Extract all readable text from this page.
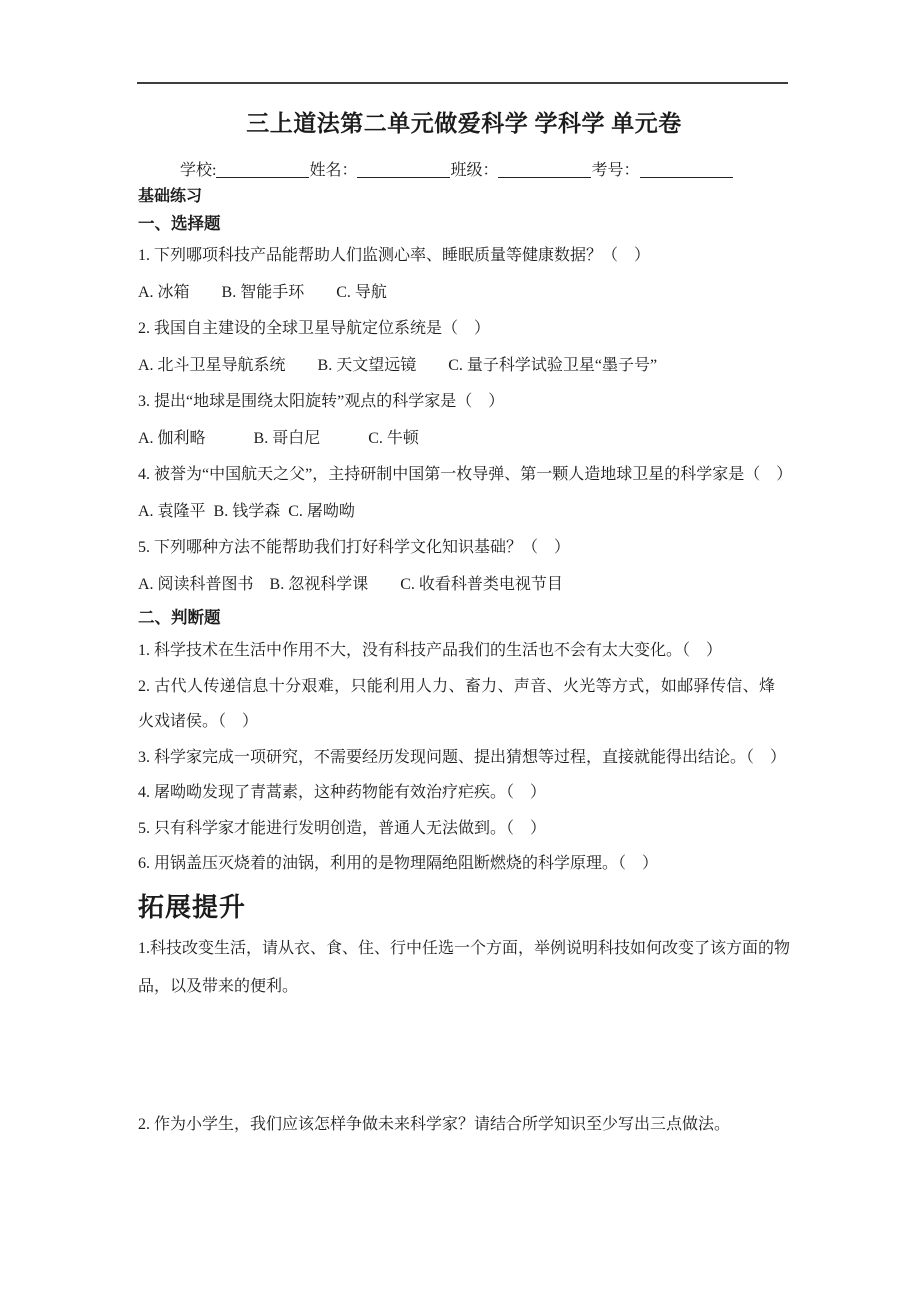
三上道法第二单元做爱科学 学科学 单元卷
学校:	姓名：	班级：	考号：
基础练习
一、选择题

1. 下列哪项科技产品能帮助人们监测心率、睡眠质量等健康数据？（　）

A. 冰箱　　B. 智能手环　　C. 导航

2. 我国自主建设的全球卫星导航定位系统是（　）

A. 北斗卫星导航系统　　B. 天文望远镜　　C. 量子科学试验卫星“墨子号”

3. 提出“地球是围绕太阳旋转”观点的科学家是（　）

A. 伽利略　　　B. 哥白尼　　　C. 牛顿

4. 被誉为“中国航天之父”，主持研制中国第一枚导弹、第一颗人造地球卫星的科学家是（　）

A. 袁隆平  B. 钱学森  C. 屠呦呦

5. 下列哪种方法不能帮助我们打好科学文化知识基础？（　）

A. 阅读科普图书　B. 忽视科学课　　C. 收看科普类电视节目

二、判断题

1. 科学技术在生活中作用不大，没有科技产品我们的生活也不会有太大变化。（　）

2. 古代人传递信息十分艰难，只能利用人力、畜力、声音、火光等方式，如邮驿传信、烽火戏诸侯。（　）

3. 科学家完成一项研究，不需要经历发现问题、提出猜想等过程，直接就能得出结论。（　）

4. 屠呦呦发现了青蒿素，这种药物能有效治疗疟疾。（　）

5. 只有科学家才能进行发明创造，普通人无法做到。（　）

6. 用锅盖压灭烧着的油锅，利用的是物理隔绝阻断燃烧的科学原理。（　）

拓展提升

1.科技改变生活，请从衣、食、住、行中任选一个方面，举例说明科技如何改变了该方面的物品，以及带来的便利。

2. 作为小学生，我们应该怎样争做未来科学家？请结合所学知识至少写出三点做法。
